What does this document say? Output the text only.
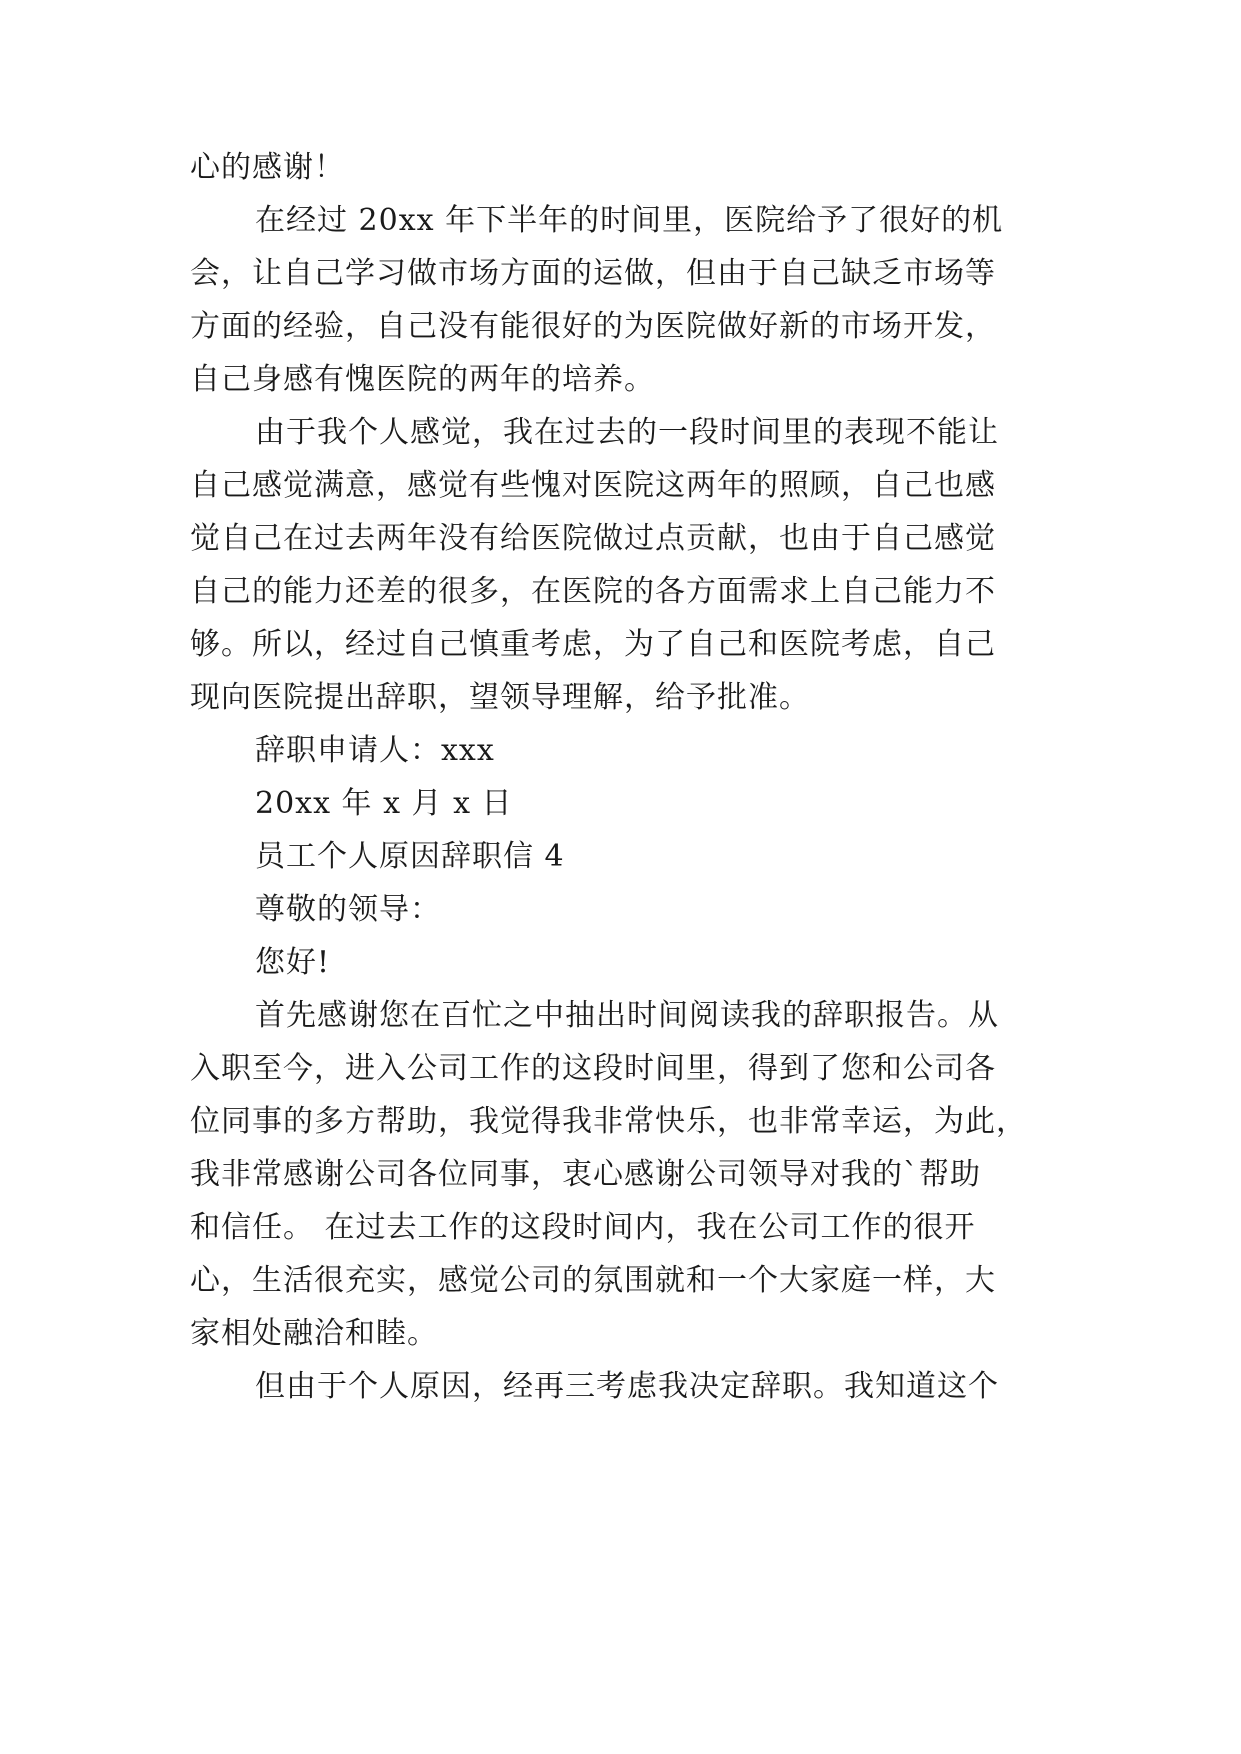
心的感谢！
在经过 20xx 年下半年的时间里，医院给予了很好的机
会，让自己学习做市场方面的运做，但由于自己缺乏市场等
方面的经验，自己没有能很好的为医院做好新的市场开发，
自己身感有愧医院的两年的培养。
由于我个人感觉，我在过去的一段时间里的表现不能让
自己感觉满意，感觉有些愧对医院这两年的照顾，自己也感
觉自己在过去两年没有给医院做过点贡献，也由于自己感觉
自己的能力还差的很多，在医院的各方面需求上自己能力不
够。所以，经过自己慎重考虑，为了自己和医院考虑，自己
现向医院提出辞职，望领导理解，给予批准。
辞职申请人：xxx
20xx 年 x 月 x 日
员工个人原因辞职信 4
尊敬的领导：
您好!
首先感谢您在百忙之中抽出时间阅读我的辞职报告。从
入职至今，进入公司工作的这段时间里，得到了您和公司各
位同事的多方帮助，我觉得我非常快乐，也非常幸运，为此，
我非常感谢公司各位同事，衷心感谢公司领导对我的`帮助
和信任。 在过去工作的这段时间内，我在公司工作的很开
心，生活很充实，感觉公司的氛围就和一个大家庭一样，大
家相处融洽和睦。
但由于个人原因，经再三考虑我决定辞职。我知道这个
